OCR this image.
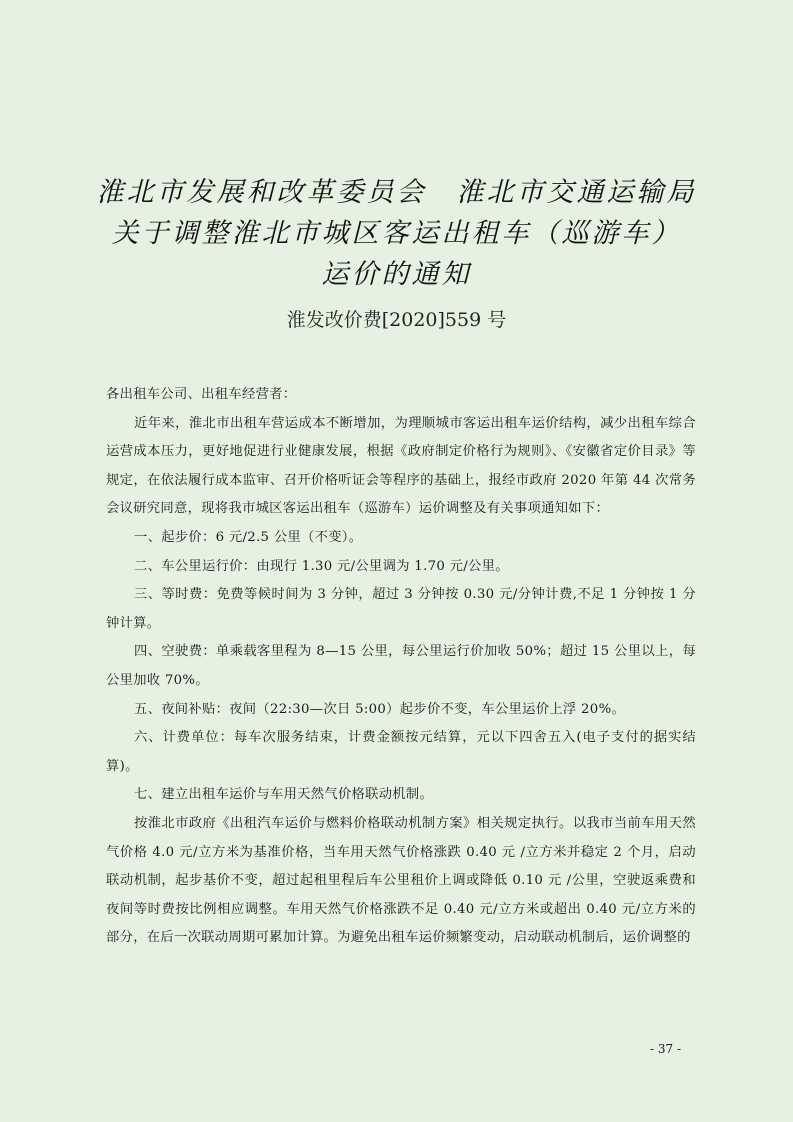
淮北市发展和改革委员会　淮北市交通运输局
关于调整淮北市城区客运出租车（巡游车）
运价的通知
淮发改价费[2020]559 号

各出租车公司、出租车经营者：

近年来，淮北市出租车营运成本不断增加，为理顺城市客运出租车运价结构，减少出租车综合运营成本压力，更好地促进行业健康发展，根据《政府制定价格行为规则》、《安徽省定价目录》等规定，在依法履行成本监审、召开价格听证会等程序的基础上，报经市政府 2020 年第 44 次常务会议研究同意，现将我市城区客运出租车（巡游车）运价调整及有关事项通知如下：

一、起步价：6 元/2.5 公里（不变）。

二、车公里运行价：由现行 1.30 元/公里调为 1.70 元/公里。

三、等时费：免费等候时间为 3 分钟，超过 3 分钟按 0.30 元/分钟计费,不足 1 分钟按 1 分钟计算。

四、空驶费：单乘载客里程为 8—15 公里，每公里运行价加收 50%；超过 15 公里以上，每公里加收 70%。

五、夜间补贴：夜间（22:30—次日 5:00）起步价不变，车公里运价上浮 20%。

六、计费单位：每车次服务结束，计费金额按元结算，元以下四舍五入(电子支付的据实结算)。

七、建立出租车运价与车用天然气价格联动机制。

按淮北市政府《出租汽车运价与燃料价格联动机制方案》相关规定执行。以我市当前车用天然气价格 4.0 元/立方米为基准价格，当车用天然气价格涨跌 0.40 元 /立方米并稳定 2 个月，启动联动机制，起步基价不变，超过起租里程后车公里租价上调或降低 0.10 元 /公里，空驶返乘费和夜间等时费按比例相应调整。车用天然气价格涨跌不足 0.40 元/立方米或超出 0.40 元/立方米的部分，在后一次联动周期可累加计算。为避免出租车运价频繁变动，启动联动机制后，运价调整的

- 37 -
